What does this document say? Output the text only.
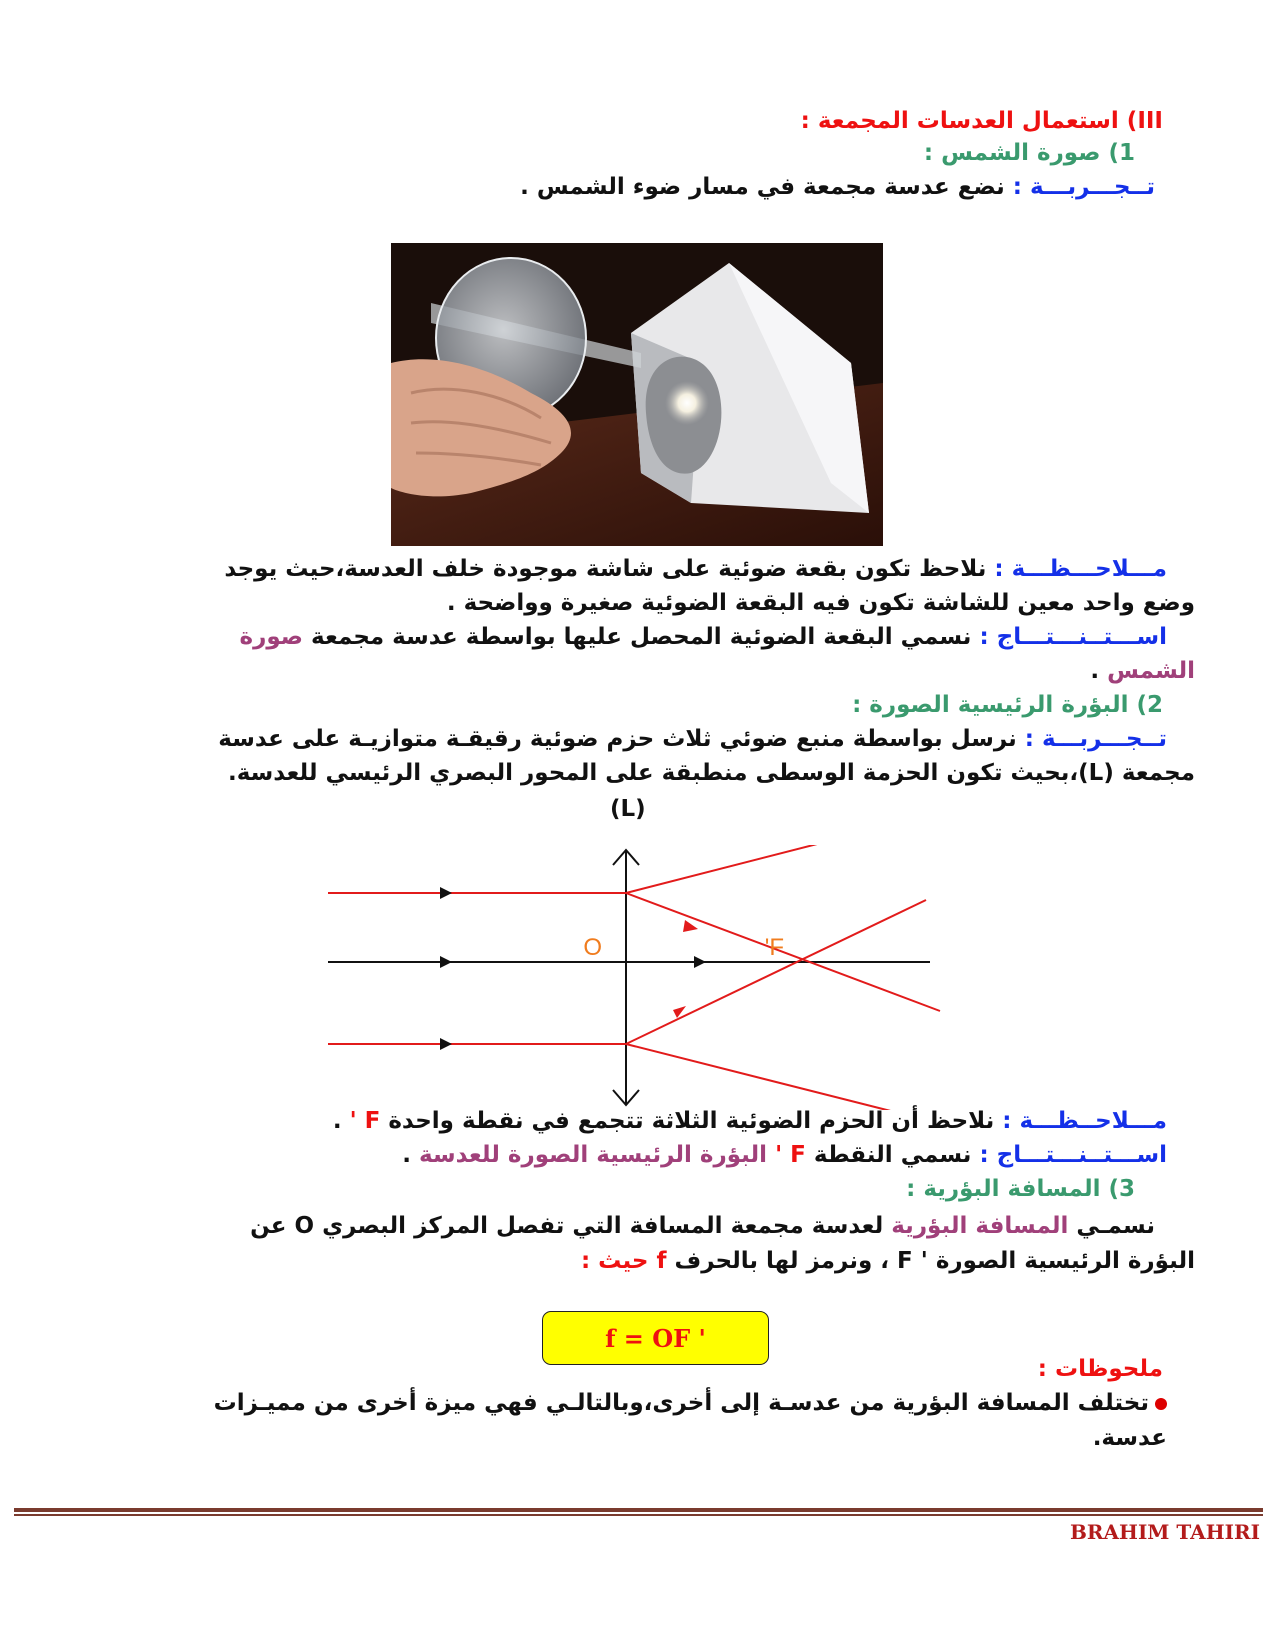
III) استعمال العدسات المجمعة :
1) صورة الشمس :
تــجـــربـــة : نضع عدسة مجمعة في مسار ضوء الشمس .
مـــلاحـــظـــة : نلاحظ تكون بقعة ضوئية على شاشة موجودة خلف العدسة،حيث يوجد
وضع واحد معين للشاشة تكون فيه البقعة الضوئية صغيرة وواضحة .
اســـتــنـــتـــاج : نسمي البقعة الضوئية المحصل عليها بواسطة عدسة مجمعة صورة
الشمس .
2) البؤرة الرئيسية الصورة :
تــجـــربـــة : نرسل بواسطة منبع ضوئي ثلاث حزم ضوئية رقيقـة متوازيـة على عدسة
مجمعة (L)،بحيث تكون الحزمة الوسطى منطبقة على المحور البصري الرئيسي للعدسة.
(L)
O	F'
مـــلاحــظـــة : نلاحظ أن الحزم الضوئية الثلاثة تتجمع في نقطة واحدة F ' .
اســـتــنـــتـــاج : نسمي النقطة F ' البؤرة الرئيسية الصورة للعدسة .
3) المسافة البؤرية :
نسمـي المسافة البؤرية لعدسة مجمعة المسافة التي تفصل المركز البصري O عن
البؤرة الرئيسية الصورة ' F ، ونرمز لها بالحرف f حيث :
f = OF '
ملحوظات :
تختلف المسافة البؤرية من عدسـة إلى أخرى،وبالتالـي فهي ميزة أخرى من مميـزات
عدسة.
BRAHIM TAHIRI
